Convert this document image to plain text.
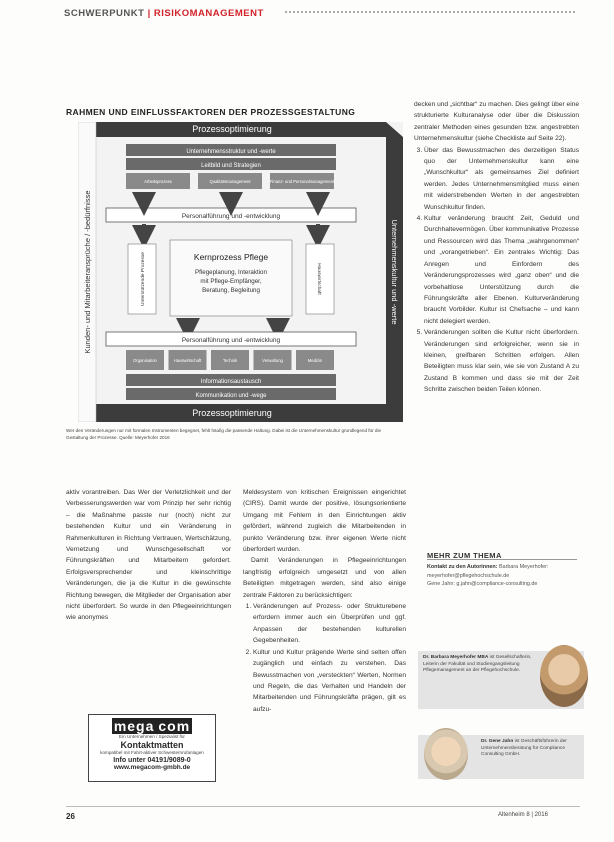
SCHWERPUNKT | RISIKOMANAGEMENT
RAHMEN UND EINFLUSSFAKTOREN DER PROZESSGESTALTUNG
Prozessoptimierung
Prozessoptimierung
Kunden- und Mitarbeiteransprüche / -bedürfnisse	Unternehmenskultur und -werte
Unternehmensstruktur und -werte
Leitbild und Strategien
Arbeitsprozess	Qualitätsmanagement	Finanz- und Personalmanagement
Personalführung und -entwicklung
Unterstützende Prozesse	Hauswirtschaft
Kernprozess Pflege
Pflegeplanung, Interaktion
mit Pflege-Empfänger,
Beratung, Begleitung
Personalführung und -entwicklung
Organisation	Hauswirtschaft	Technik	Verwaltung	Medizin
Informationsaustausch
Kommunikation und -wege
Wer den Veränderungen nur mit formalen Instrumenten begegnet, fehlt häufig die passende Haltung. Dabei ist die Unternehmenskultur grundlegend für die Gestaltung der Prozesse. Quelle: Meyerhofer 2016

decken und „sichtbar“ zu machen. Dies gelingt über eine strukturierte Kulturanalyse oder über die Diskussion zentraler Methoden eines gesunden bzw. angestrebten Unternehmenskultur (siehe Checkliste auf Seite 22).

3. Über das Bewusstmachen des derzeitigen Status quo der Unternehmenskultur kann eine „Wunschkultur“ als gemeinsames Ziel definiert werden. Jedes Unternehmensmitglied muss einen mit widerstrebenden Werten in der angestrebten Wunschkultur finden.
4. Kultur veränderung braucht Zeit, Geduld und Durchhaltevermögen. Über kommunikative Prozesse und Ressourcen wird das Thema „wahrgenommen“ und „vorangetrieben“. Ein zentrales Wichtig: Das Anregen und Einfordern des Veränderungsprozesses wird „ganz oben“ und die vorbehaltlose Unterstützung durch die Führungskräfte aller Ebenen. Kulturveränderung braucht Vorbilder. Kultur ist Chefsache – und kann nicht delegiert werden.
5. Veränderungen sollten die Kultur nicht überfordern. Veränderungen sind erfolgreicher, wenn sie in kleinen, greifbaren Schritten erfolgen. Allen Beteiligten muss klar sein, wie sie von Zustand A zu Zustand B kommen und dass sie mit der Zeit Schritte zwischen beiden Teilen können.
MEHR ZUM THEMA
Kontakt zu den Autorinnen: Barbara Meyerhofer: meyerhofer@pflegehochschule.de
Gene Jahn: g.jahn@compliance-consulting.de
aktiv vorantreiben. Das Wer der Verletzlichkeit und der Verbesserungswerden war vom Prinzip her sehr richtig – die Maßnahme passte nur (noch) nicht zur bestehenden Kultur und ein Veränderung in Rahmenkulturen in Richtung Vertrauen, Wertschätzung, Vernetzung und Wunschgesellschaft vor Führungskräften und Mitarbeitern gefordert. Erfolgsversprechender und kleinschrittige Veränderungen, die ja die Kultur in die gewünschte Richtung bewegen, die Mitglieder der Organisation aber nicht überfordert. So wurde in den Pflegeeinrichtungen wie anonymes

Meldesystem von kritischen Ereignissen eingerichtet (CIRS). Damit wurde der positive, lösungsorientierte Umgang mit Fehlern in den Einrichtungen aktiv gefördert, während zugleich die Mitarbeitenden in punkto Veränderung bzw. ihrer eigenen Werte nicht überfordert wurden.

Damit Veränderungen in Pflegeeinrichtungen langfristig erfolgreich umgesetzt und von allen Beteiligten mitgetragen werden, sind also einige zentrale Faktoren zu berücksichtigen:

1. Veränderungen auf Prozess- oder Strukturebene erfordern immer auch ein Überprüfen und ggf. Anpassen der bestehenden kulturellen Gegebenheiten.
2. Kultur und Kultur prägende Werte sind selten offen zugänglich und einfach zu verstehen. Das Bewusstmachen von „versteckten“ Werten, Normen und Regeln, die das Verhalten und Handeln der Mitarbeitenden und Führungskräfte prägen, gilt es aufzu-
mega com
Ein Unternehmen / Spezialist für
Kontaktmatten
kompatibel mit Fahrt-aktiver Schwesternrufanlagen
Info unter 04191/9089-0
www.megacom-gmbh.de
Dr. Barbara Meyerhofer MBA ist Gesellschafterin, Leiterin der Fakultät und Studiengangsleitung Pflegemanagement an der Pflegehochschule.
Dr. Gene Jahn ist Geschäftsführerin der Unternehmensberatung für Compliance Consulting GmbH.
26	Altenheim 8 | 2016
